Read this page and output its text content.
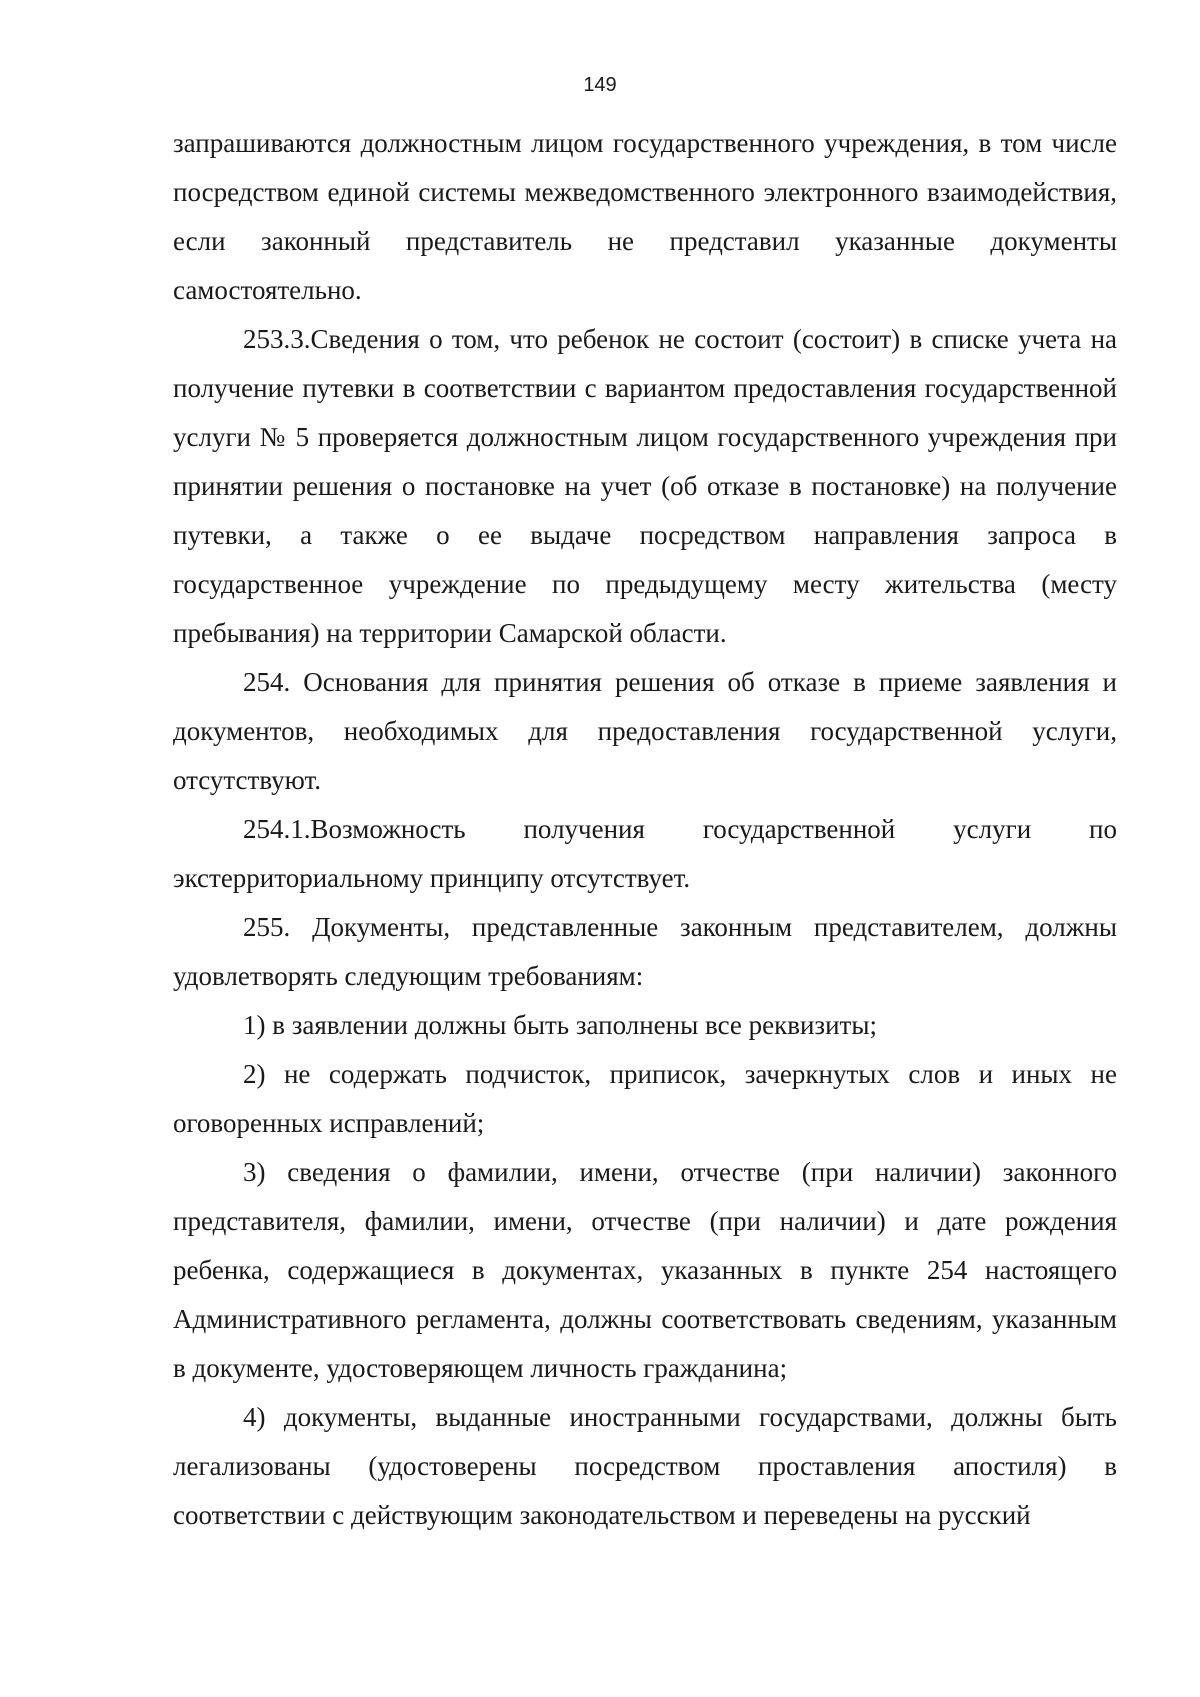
149

запрашиваются должностным лицом государственного учреждения, в том числе посредством единой системы межведомственного электронного взаимодействия, если законный представитель не представил указанные документы самостоятельно.

253.3.Сведения о том, что ребенок не состоит (состоит) в списке учета на получение путевки в соответствии с вариантом предоставления государственной услуги № 5 проверяется должностным лицом государственного учреждения при принятии решения о постановке на учет (об отказе в постановке) на получение путевки, а также о ее выдаче посредством направления запроса в государственное учреждение по предыдущему месту жительства (месту пребывания) на территории Самарской области.

254. Основания для принятия решения об отказе в приеме заявления и документов, необходимых для предоставления государственной услуги, отсутствуют.

254.1.Возможность получения государственной услуги по экстерриториальному принципу отсутствует.

255. Документы, представленные законным представителем, должны удовлетворять следующим требованиям:

1) в заявлении должны быть заполнены все реквизиты;

2) не содержать подчисток, приписок, зачеркнутых слов и иных не оговоренных исправлений;

3) сведения о фамилии, имени, отчестве (при наличии) законного представителя, фамилии, имени, отчестве (при наличии) и дате рождения ребенка, содержащиеся в документах, указанных в пункте 254 настоящего Административного регламента, должны соответствовать сведениям, указанным в документе, удостоверяющем личность гражданина;

4) документы, выданные иностранными государствами, должны быть легализованы (удостоверены посредством проставления апостиля) в соответствии с действующим законодательством и переведены на русский
